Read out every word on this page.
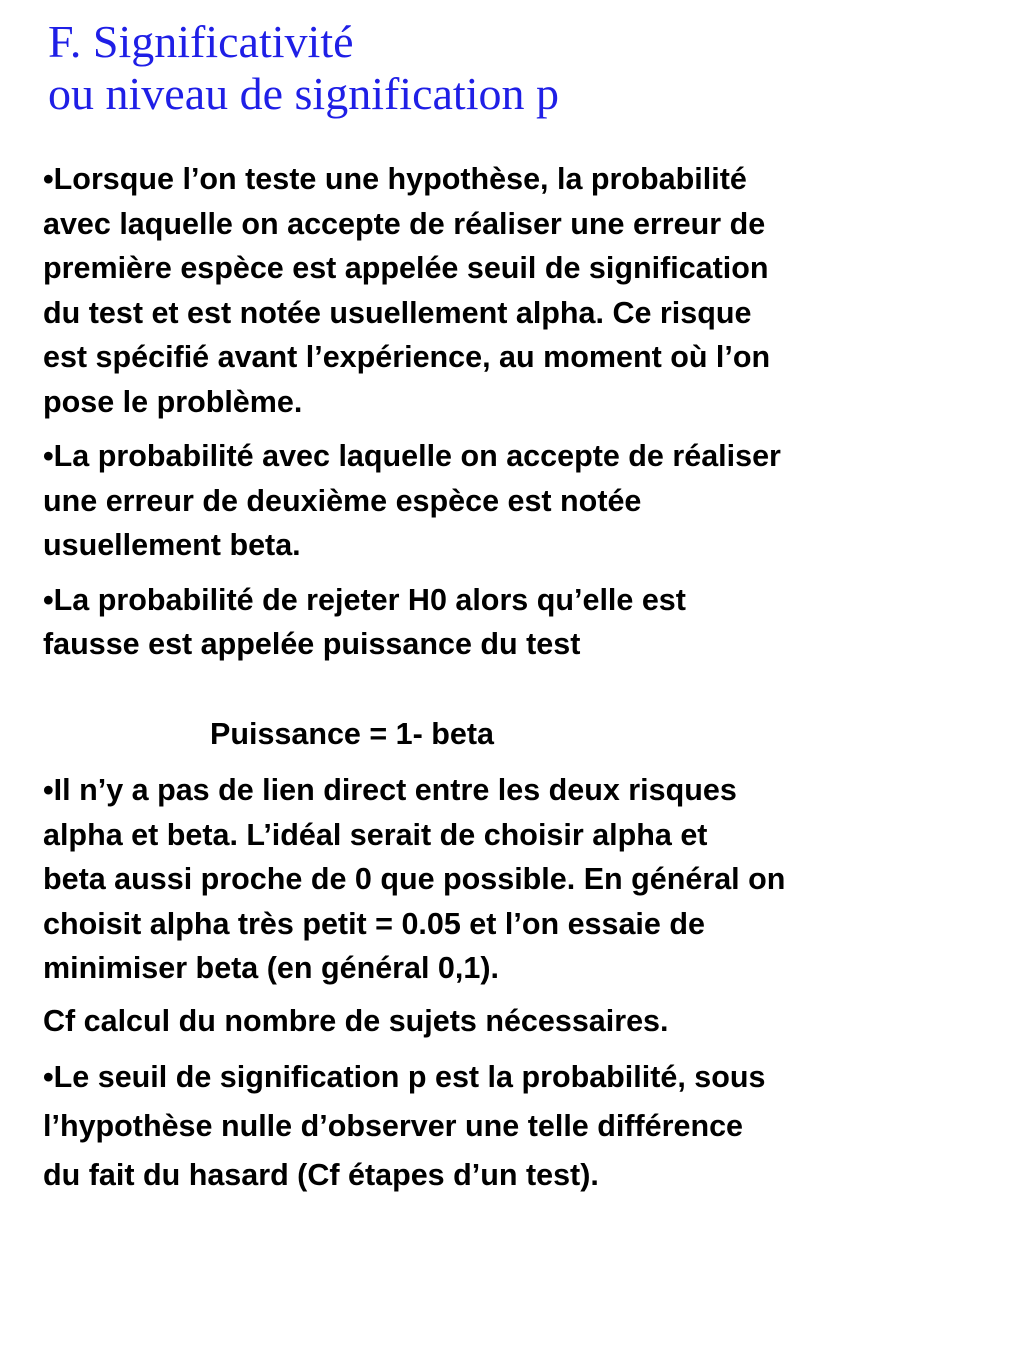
F. Significativité
ou niveau de signification p

•Lorsque l’on teste une hypothèse, la probabilité
avec laquelle on accepte de réaliser une erreur de
première espèce est appelée seuil de signification
du test et est notée usuellement alpha. Ce risque
est spécifié avant l’expérience, au moment où l’on
pose le problème.

•La probabilité avec laquelle on accepte de réaliser
une erreur de deuxième espèce est notée
usuellement beta.

•La probabilité de rejeter H0 alors qu’elle est
fausse est appelée puissance du test

Puissance = 1- beta

•Il n’y a pas de lien direct entre les deux risques
alpha et beta. L’idéal serait de choisir alpha et
beta aussi proche de 0 que possible. En général on
choisit alpha très petit = 0.05 et l’on essaie de
minimiser beta (en général 0,1).

Cf calcul du nombre de sujets nécessaires.

•Le seuil de signification p est la probabilité, sous
l’hypothèse nulle d’observer une telle différence
du fait du hasard (Cf étapes d’un test).
